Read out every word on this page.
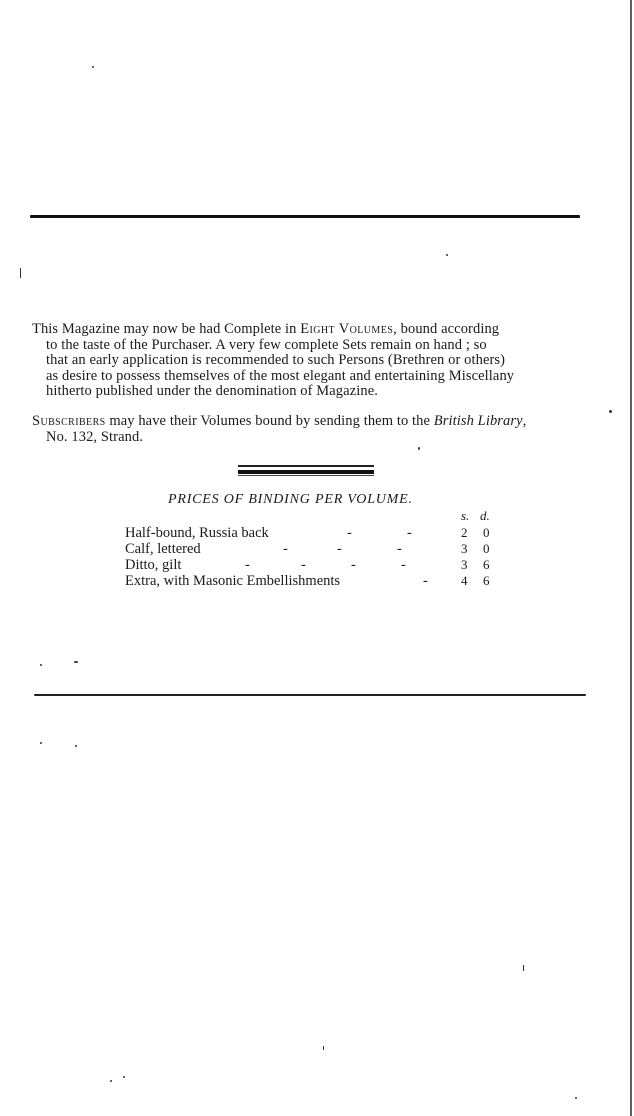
This Magazine may now be had Complete in Eight Volumes, bound according

to the taste of the Purchaser. A very few complete Sets remain on hand ; so

that an early application is recommended to such Persons (Brethren or others)

as desire to possess themselves of the most elegant and entertaining Miscellany

hitherto published under the denomination of Magazine.

Subscribers may have their Volumes bound by sending them to the British Library,

No. 132, Strand.

PRICES OF BINDING PER VOLUME.
s. d.
Half-bound, Russia back	-	-	2 0
Calf, lettered	-	-	-	3 0
Ditto, gilt	-	-	-	-	3 6
Extra, with Masonic Embellishments	-	4 6
